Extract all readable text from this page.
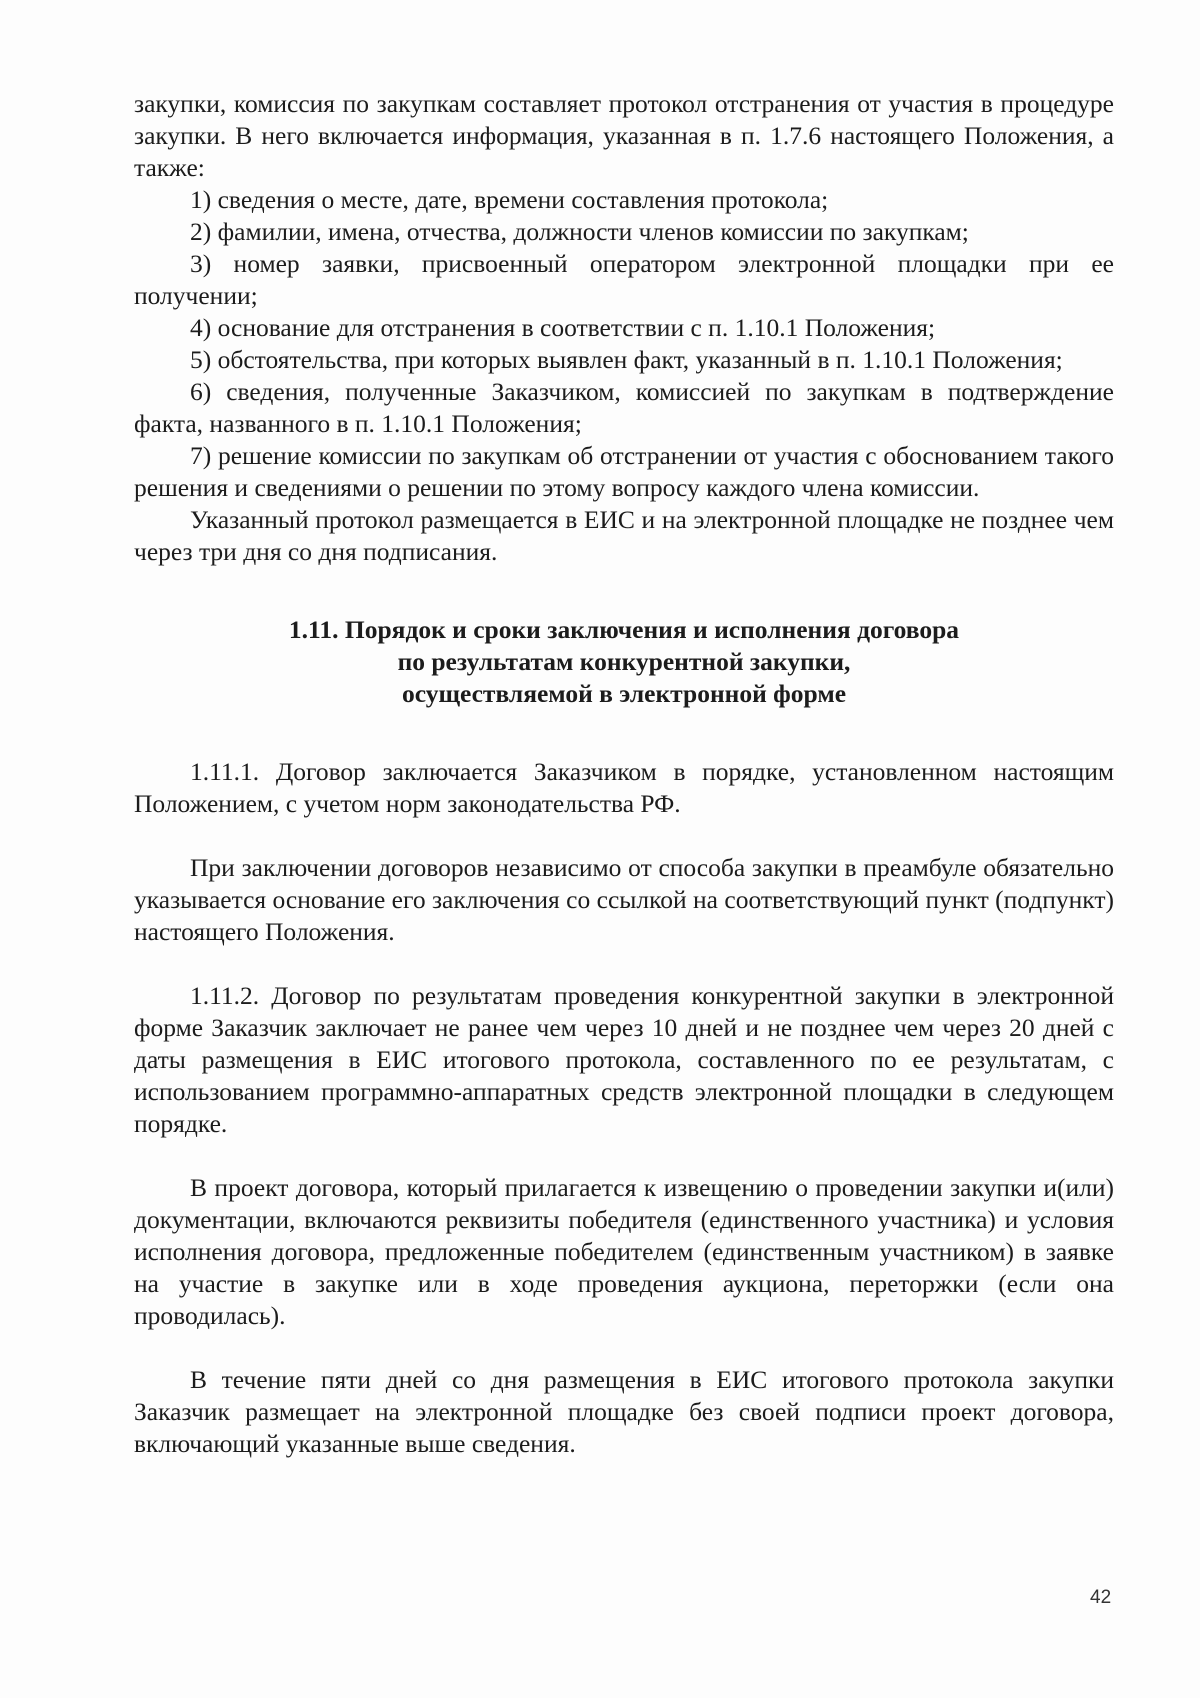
закупки, комиссия по закупкам составляет протокол отстранения от участия в процедуре закупки. В него включается информация, указанная в п. 1.7.6 настоящего Положения, а также:

1) сведения о месте, дате, времени составления протокола;

2) фамилии, имена, отчества, должности членов комиссии по закупкам;

3) номер заявки, присвоенный оператором электронной площадки при ее получении;

4) основание для отстранения в соответствии с п. 1.10.1 Положения;

5) обстоятельства, при которых выявлен факт, указанный в п. 1.10.1 Положения;

6) сведения, полученные Заказчиком, комиссией по закупкам в подтверждение факта, названного в п. 1.10.1 Положения;

7) решение комиссии по закупкам об отстранении от участия с обоснованием такого решения и сведениями о решении по этому вопросу каждого члена комиссии.

Указанный протокол размещается в ЕИС и на электронной площадке не позднее чем через три дня со дня подписания.

1.11. Порядок и сроки заключения и исполнения договора
по результатам конкурентной закупки,
осуществляемой в электронной форме

1.11.1. Договор заключается Заказчиком в порядке, установленном настоящим Положением, с учетом норм законодательства РФ.

При заключении договоров независимо от способа закупки в преамбуле обязательно указывается основание его заключения со ссылкой на соответствующий пункт (подпункт) настоящего Положения.

1.11.2. Договор по результатам проведения конкурентной закупки в электронной форме Заказчик заключает не ранее чем через 10 дней и не позднее чем через 20 дней с даты размещения в ЕИС итогового протокола, составленного по ее результатам, с использованием программно-аппаратных средств электронной площадки в следующем порядке.

В проект договора, который прилагается к извещению о проведении закупки и(или) документации, включаются реквизиты победителя (единственного участника) и условия исполнения договора, предложенные победителем (единственным участником) в заявке на участие в закупке или в ходе проведения аукциона, переторжки (если она проводилась).

В течение пяти дней со дня размещения в ЕИС итогового протокола закупки Заказчик размещает на электронной площадке без своей подписи проект договора, включающий указанные выше сведения.

42
